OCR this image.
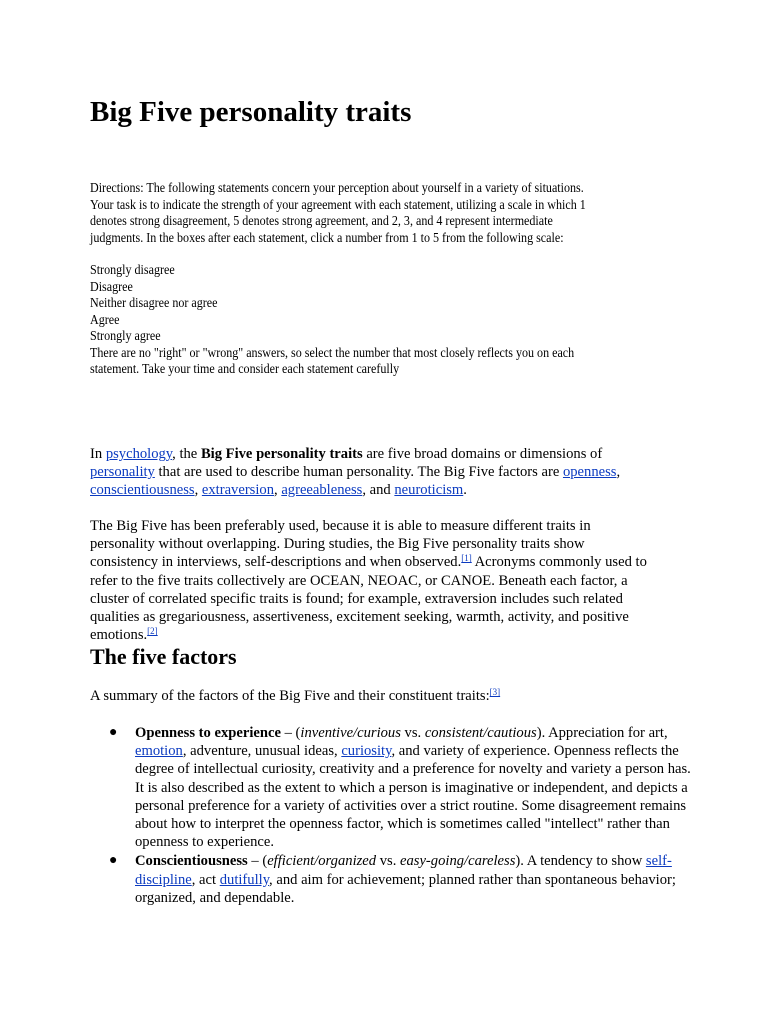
Big Five personality traits

Directions: The following statements concern your perception about yourself in a variety of situations.

Your task is to indicate the strength of your agreement with each statement, utilizing a scale in which 1

denotes strong disagreement, 5 denotes strong agreement, and 2, 3, and 4 represent intermediate

judgments. In the boxes after each statement, click a number from 1 to 5 from the following scale:

Strongly disagree

Disagree

Neither disagree nor agree

Agree

Strongly agree

There are no "right" or "wrong" answers, so select the number that most closely reflects you on each

statement. Take your time and consider each statement carefully

In psychology, the Big Five personality traits are five broad domains or dimensions of personality that are used to describe human personality. The Big Five factors are openness, conscientiousness, extraversion, agreeableness, and neuroticism.

The Big Five has been preferably used, because it is able to measure different traits in personality without overlapping. During studies, the Big Five personality traits show consistency in interviews, self-descriptions and when observed.[1] Acronyms commonly used to refer to the five traits collectively are OCEAN, NEOAC, or CANOE. Beneath each factor, a cluster of correlated specific traits is found; for example, extraversion includes such related qualities as gregariousness, assertiveness, excitement seeking, warmth, activity, and positive emotions.[2]

The five factors

A summary of the factors of the Big Five and their constituent traits:[3]

● Openness to experience – (inventive/curious vs. consistent/cautious). Appreciation for art, emotion, adventure, unusual ideas, curiosity, and variety of experience. Openness reflects the degree of intellectual curiosity, creativity and a preference for novelty and variety a person has. It is also described as the extent to which a person is imaginative or independent, and depicts a personal preference for a variety of activities over a strict routine. Some disagreement remains about how to interpret the openness factor, which is sometimes called "intellect" rather than openness to experience.
● Conscientiousness – (efficient/organized vs. easy-going/careless). A tendency to show self-discipline, act dutifully, and aim for achievement; planned rather than spontaneous behavior; organized, and dependable.
